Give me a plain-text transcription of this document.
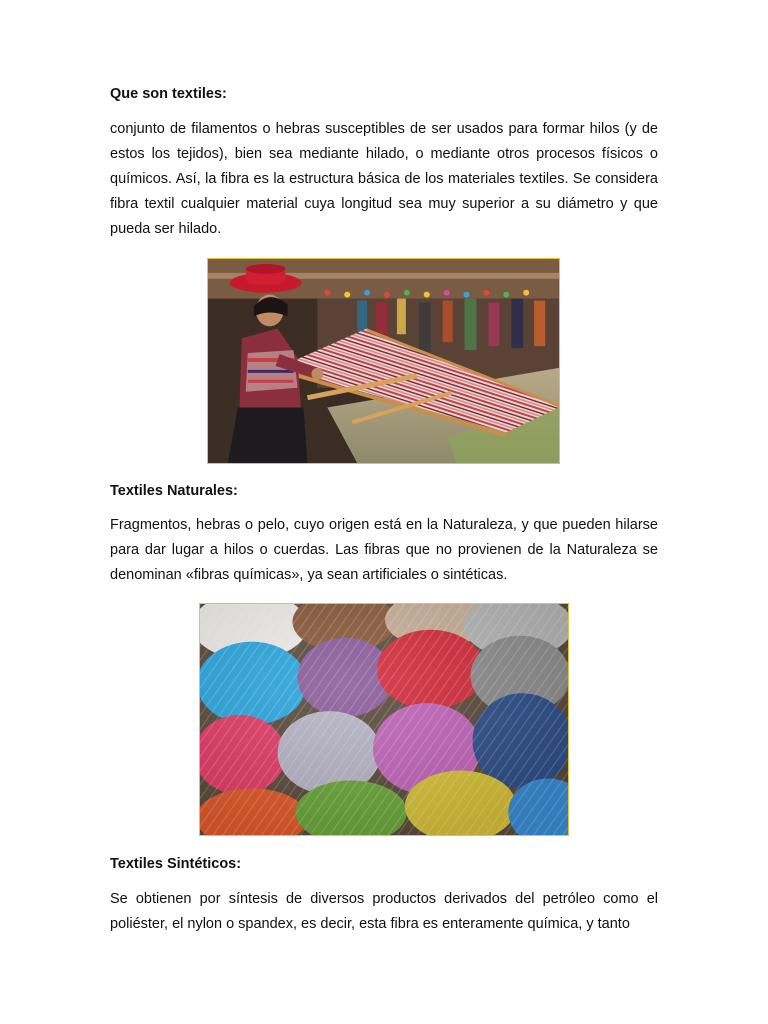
Que son textiles:

conjunto de filamentos o hebras susceptibles de ser usados para formar hilos (y de estos los tejidos), bien sea mediante hilado, o mediante otros procesos físicos o químicos. Así, la fibra es la estructura básica de los materiales textiles. Se considera fibra textil cualquier material cuya longitud sea muy superior a su diámetro y que pueda ser hilado.

Textiles Naturales:

Fragmentos, hebras o pelo, cuyo origen está en la Naturaleza, y que pueden hilarse para dar lugar a hilos o cuerdas. Las fibras que no provienen de la Naturaleza se denominan «fibras químicas», ya sean artificiales o sintéticas.

Textiles Sintéticos:

Se obtienen por síntesis de diversos productos derivados del petróleo como el poliéster, el nylon o spandex, es decir, esta fibra es enteramente química, y tanto
